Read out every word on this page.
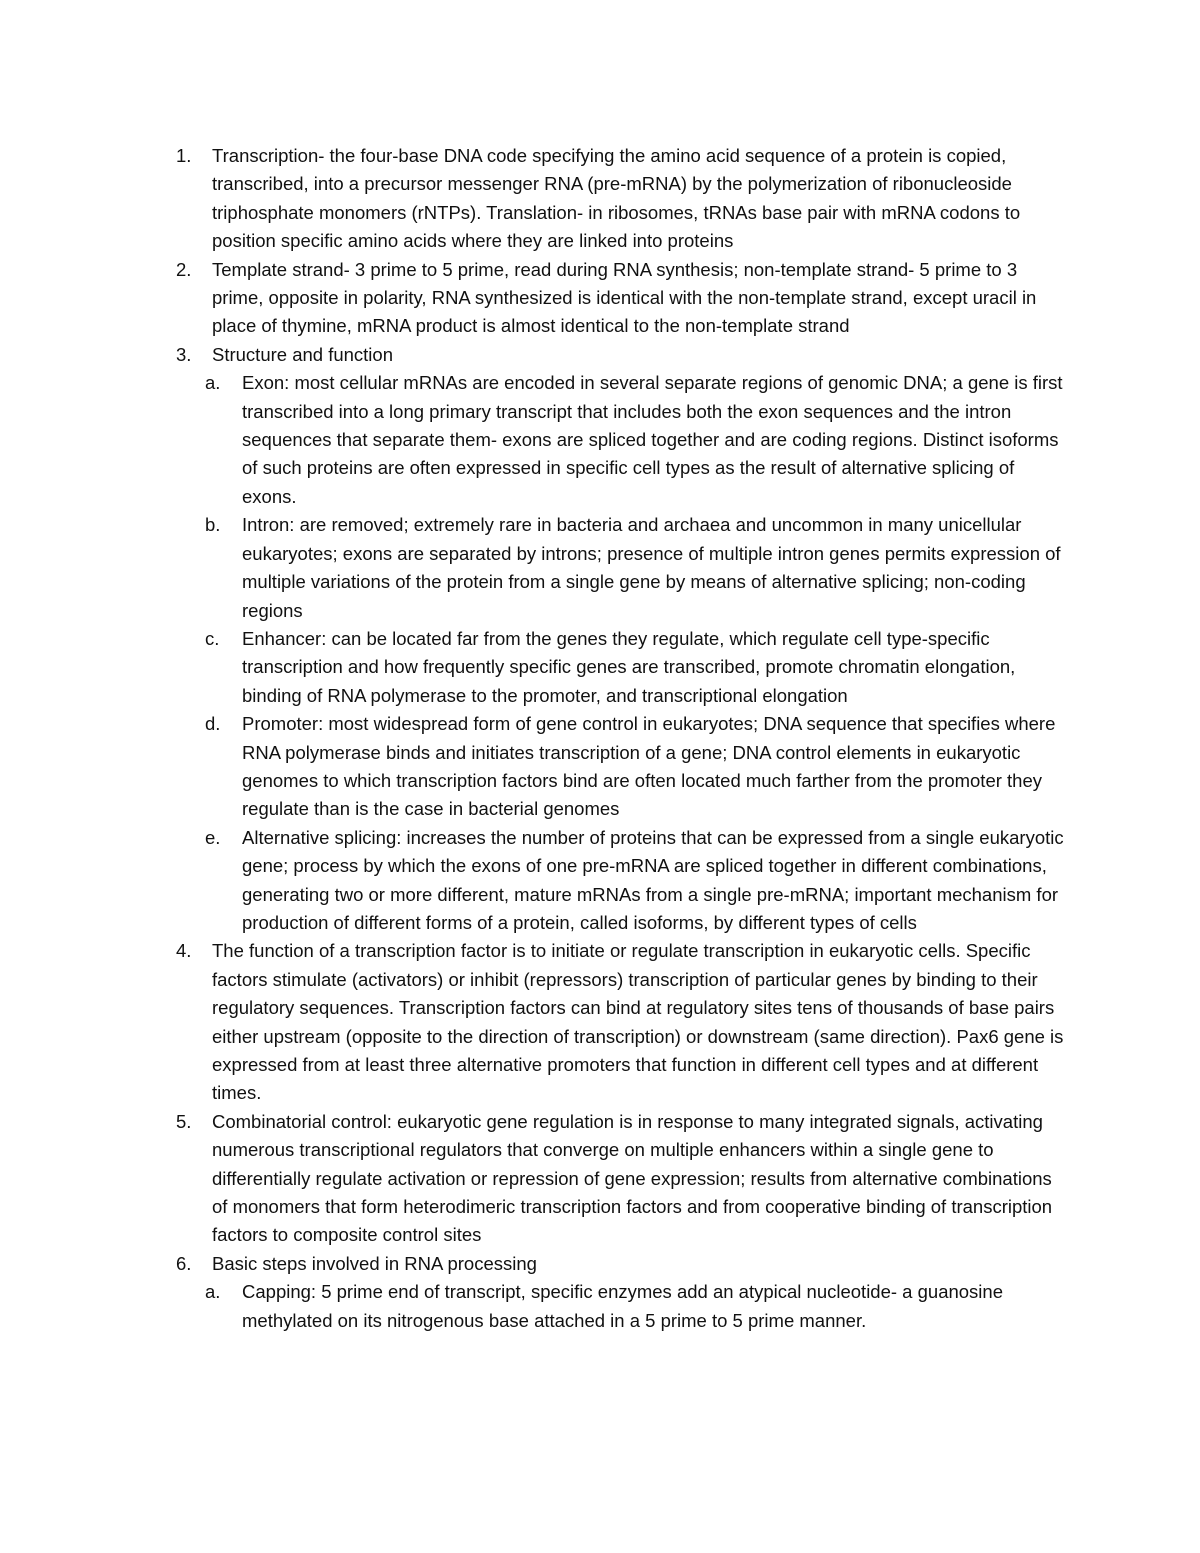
1. Transcription- the four-base DNA code specifying the amino acid sequence of a protein is copied, transcribed, into a precursor messenger RNA (pre-mRNA) by the polymerization of ribonucleoside triphosphate monomers (rNTPs). Translation- in ribosomes, tRNAs base pair with mRNA codons to position specific amino acids where they are linked into proteins
2. Template strand- 3 prime to 5 prime, read during RNA synthesis; non-template strand- 5 prime to 3 prime, opposite in polarity, RNA synthesized is identical with the non-template strand, except uracil in place of thymine, mRNA product is almost identical to the non-template strand
3. Structure and function
a. Exon: most cellular mRNAs are encoded in several separate regions of genomic DNA; a gene is first transcribed into a long primary transcript that includes both the exon sequences and the intron sequences that separate them- exons are spliced together and are coding regions. Distinct isoforms of such proteins are often expressed in specific cell types as the result of alternative splicing of exons.
b. Intron: are removed; extremely rare in bacteria and archaea and uncommon in many unicellular eukaryotes; exons are separated by introns; presence of multiple intron genes permits expression of multiple variations of the protein from a single gene by means of alternative splicing; non-coding regions
c. Enhancer: can be located far from the genes they regulate, which regulate cell type-specific transcription and how frequently specific genes are transcribed, promote chromatin elongation, binding of RNA polymerase to the promoter, and transcriptional elongation
d. Promoter: most widespread form of gene control in eukaryotes; DNA sequence that specifies where RNA polymerase binds and initiates transcription of a gene; DNA control elements in eukaryotic genomes to which transcription factors bind are often located much farther from the promoter they regulate than is the case in bacterial genomes
e. Alternative splicing: increases the number of proteins that can be expressed from a single eukaryotic gene; process by which the exons of one pre-mRNA are spliced together in different combinations, generating two or more different, mature mRNAs from a single pre-mRNA; important mechanism for production of different forms of a protein, called isoforms, by different types of cells
4. The function of a transcription factor is to initiate or regulate transcription in eukaryotic cells. Specific factors stimulate (activators) or inhibit (repressors) transcription of particular genes by binding to their regulatory sequences. Transcription factors can bind at regulatory sites tens of thousands of base pairs either upstream (opposite to the direction of transcription) or downstream (same direction). Pax6 gene is expressed from at least three alternative promoters that function in different cell types and at different times.
5. Combinatorial control: eukaryotic gene regulation is in response to many integrated signals, activating numerous transcriptional regulators that converge on multiple enhancers within a single gene to differentially regulate activation or repression of gene expression; results from alternative combinations of monomers that form heterodimeric transcription factors and from cooperative binding of transcription factors to composite control sites
6. Basic steps involved in RNA processing
a. Capping: 5 prime end of transcript, specific enzymes add an atypical nucleotide- a guanosine methylated on its nitrogenous base attached in a 5 prime to 5 prime manner.
